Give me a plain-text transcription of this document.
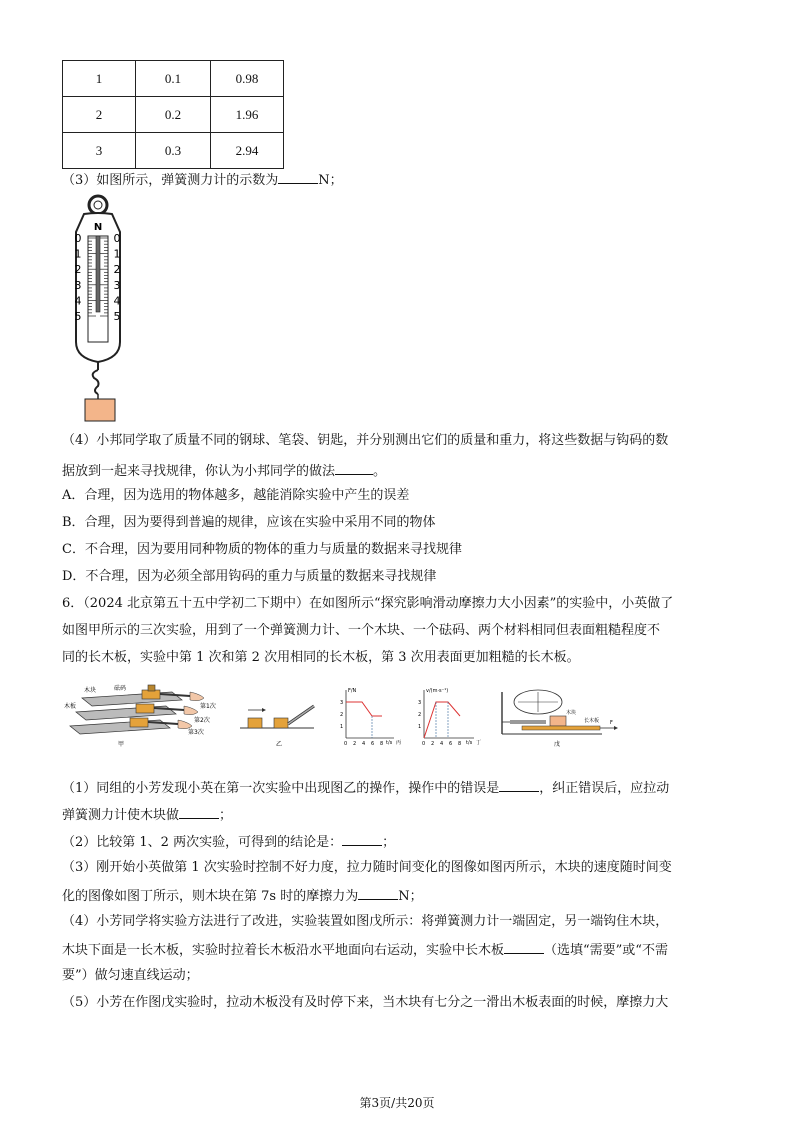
1	0.1	0.98
2	0.2	1.96
3	0.3	2.94
（3）如图所示，弹簧测力计的示数为	N；
N
0
1
2
3
4
5
0
1
2
3
4
5
（4）小邦同学取了质量不同的钢球、笔袋、钥匙，并分别测出它们的质量和重力，将这些数据与钩码的数
据放到一起来寻找规律，你认为小邦同学的做法	。
A．合理，因为选用的物体越多，越能消除实验中产生的误差
B．合理，因为要得到普遍的规律，应该在实验中采用不同的物体
C．不合理，因为要用同种物质的物体的重力与质量的数据来寻找规律
D．不合理，因为必须全部用钩码的重力与质量的数据来寻找规律
6．（2024 北京第五十五中学初二下期中）在如图所示“探究影响滑动摩擦力大小因素”的实验中，小英做了
如图甲所示的三次实验，用到了一个弹簧测力计、一个木块、一个砝码、两个材料相同但表面粗糙程度不
同的长木板，实验中第 1 次和第 2 次用相同的长木板，第 3 次用表面更加粗糙的长木板。
砝码
木块
木板	第1次
第2次
第3次
甲	乙
F/N
t/s
3
2
1
0 2 4 6 8	丙
v/(m·s⁻¹)
t/s
3
2
1
0 2 4 6 8	丁
木块
长木板 F
戊
（1）同组的小芳发现小英在第一次实验中出现图乙的操作，操作中的错误是	，纠正错误后，应拉动
弹簧测力计使木块做	；
（2）比较第 1、2 两次实验，可得到的结论是：	；
（3）刚开始小英做第 1 次实验时控制不好力度，拉力随时间变化的图像如图丙所示，木块的速度随时间变
化的图像如图丁所示，则木块在第 7s 时的摩擦力为	N；
（4）小芳同学将实验方法进行了改进，实验装置如图戊所示：将弹簧测力计一端固定，另一端钩住木块，
木块下面是一长木板，实验时拉着长木板沿水平地面向右运动，实验中长木板	（选填“需要”或“不需
要”）做匀速直线运动；
（5）小芳在作图戊实验时，拉动木板没有及时停下来，当木块有七分之一滑出木板表面的时候，摩擦力大
第3页/共20页
